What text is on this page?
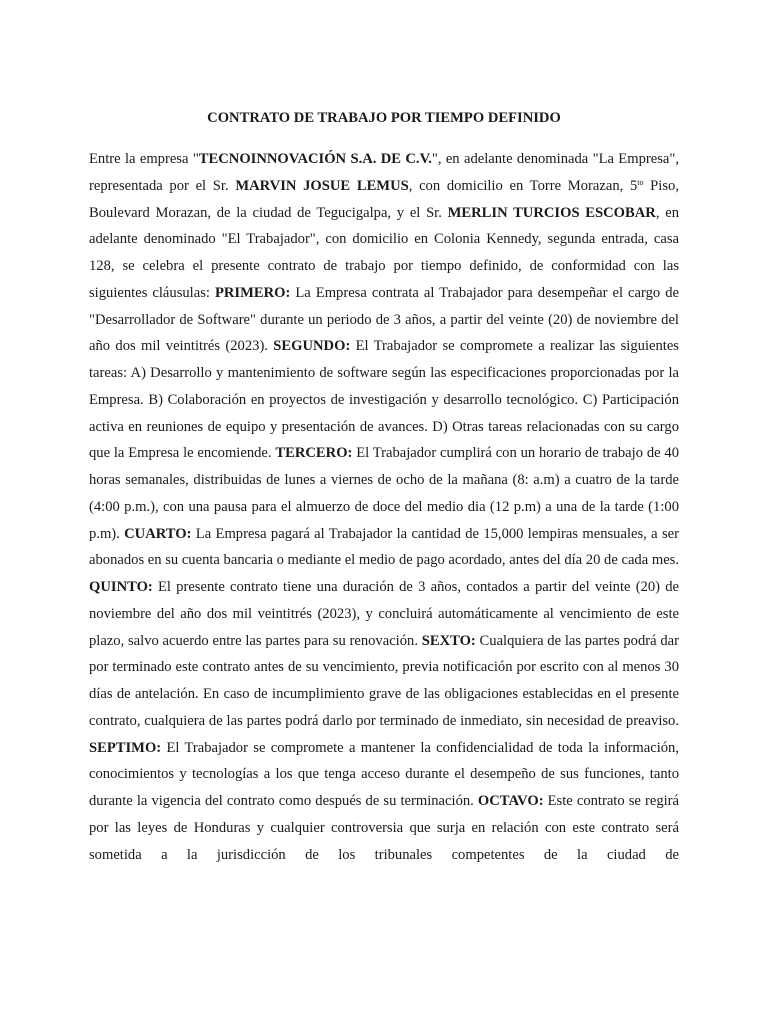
CONTRATO DE TRABAJO POR TIEMPO DEFINIDO

Entre la empresa "TECNOINNOVACIÓN S.A. DE C.V.", en adelante denominada "La Empresa", representada por el Sr. MARVIN JOSUE LEMUS, con domicilio en Torre Morazan, $5^{to}$ Piso, Boulevard Morazan, de la ciudad de Tegucigalpa, y el Sr. MERLIN TURCIOS ESCOBAR, en adelante denominado "El Trabajador", con domicilio en Colonia Kennedy, segunda entrada, casa 128, se celebra el presente contrato de trabajo por tiempo definido, de conformidad con las siguientes cláusulas: PRIMERO: La Empresa contrata al Trabajador para desempeñar el cargo de "Desarrollador de Software" durante un periodo de 3 años, a partir del veinte (20) de noviembre del año dos mil veintitrés (2023). SEGUNDO: El Trabajador se compromete a realizar las siguientes tareas: A) Desarrollo y mantenimiento de software según las especificaciones proporcionadas por la Empresa. B) Colaboración en proyectos de investigación y desarrollo tecnológico. C) Participación activa en reuniones de equipo y presentación de avances. D) Otras tareas relacionadas con su cargo que la Empresa le encomiende. TERCERO: El Trabajador cumplirá con un horario de trabajo de 40 horas semanales, distribuidas de lunes a viernes de ocho de la mañana (8: a.m) a cuatro de la tarde (4:00 p.m.), con una pausa para el almuerzo de doce del medio dia (12 p.m) a una de la tarde (1:00 p.m). CUARTO: La Empresa pagará al Trabajador la cantidad de 15,000 lempiras mensuales, a ser abonados en su cuenta bancaria o mediante el medio de pago acordado, antes del día 20 de cada mes. QUINTO: El presente contrato tiene una duración de 3 años, contados a partir del veinte (20) de noviembre del año dos mil veintitrés (2023), y concluirá automáticamente al vencimiento de este plazo, salvo acuerdo entre las partes para su renovación. SEXTO: Cualquiera de las partes podrá dar por terminado este contrato antes de su vencimiento, previa notificación por escrito con al menos 30 días de antelación. En caso de incumplimiento grave de las obligaciones establecidas en el presente contrato, cualquiera de las partes podrá darlo por terminado de inmediato, sin necesidad de preaviso. SEPTIMO: El Trabajador se compromete a mantener la confidencialidad de toda la información, conocimientos y tecnologías a los que tenga acceso durante el desempeño de sus funciones, tanto durante la vigencia del contrato como después de su terminación. OCTAVO: Este contrato se regirá por las leyes de Honduras y cualquier controversia que surja en relación con este contrato será sometida a la jurisdicción de los tribunales competentes de la ciudad de
